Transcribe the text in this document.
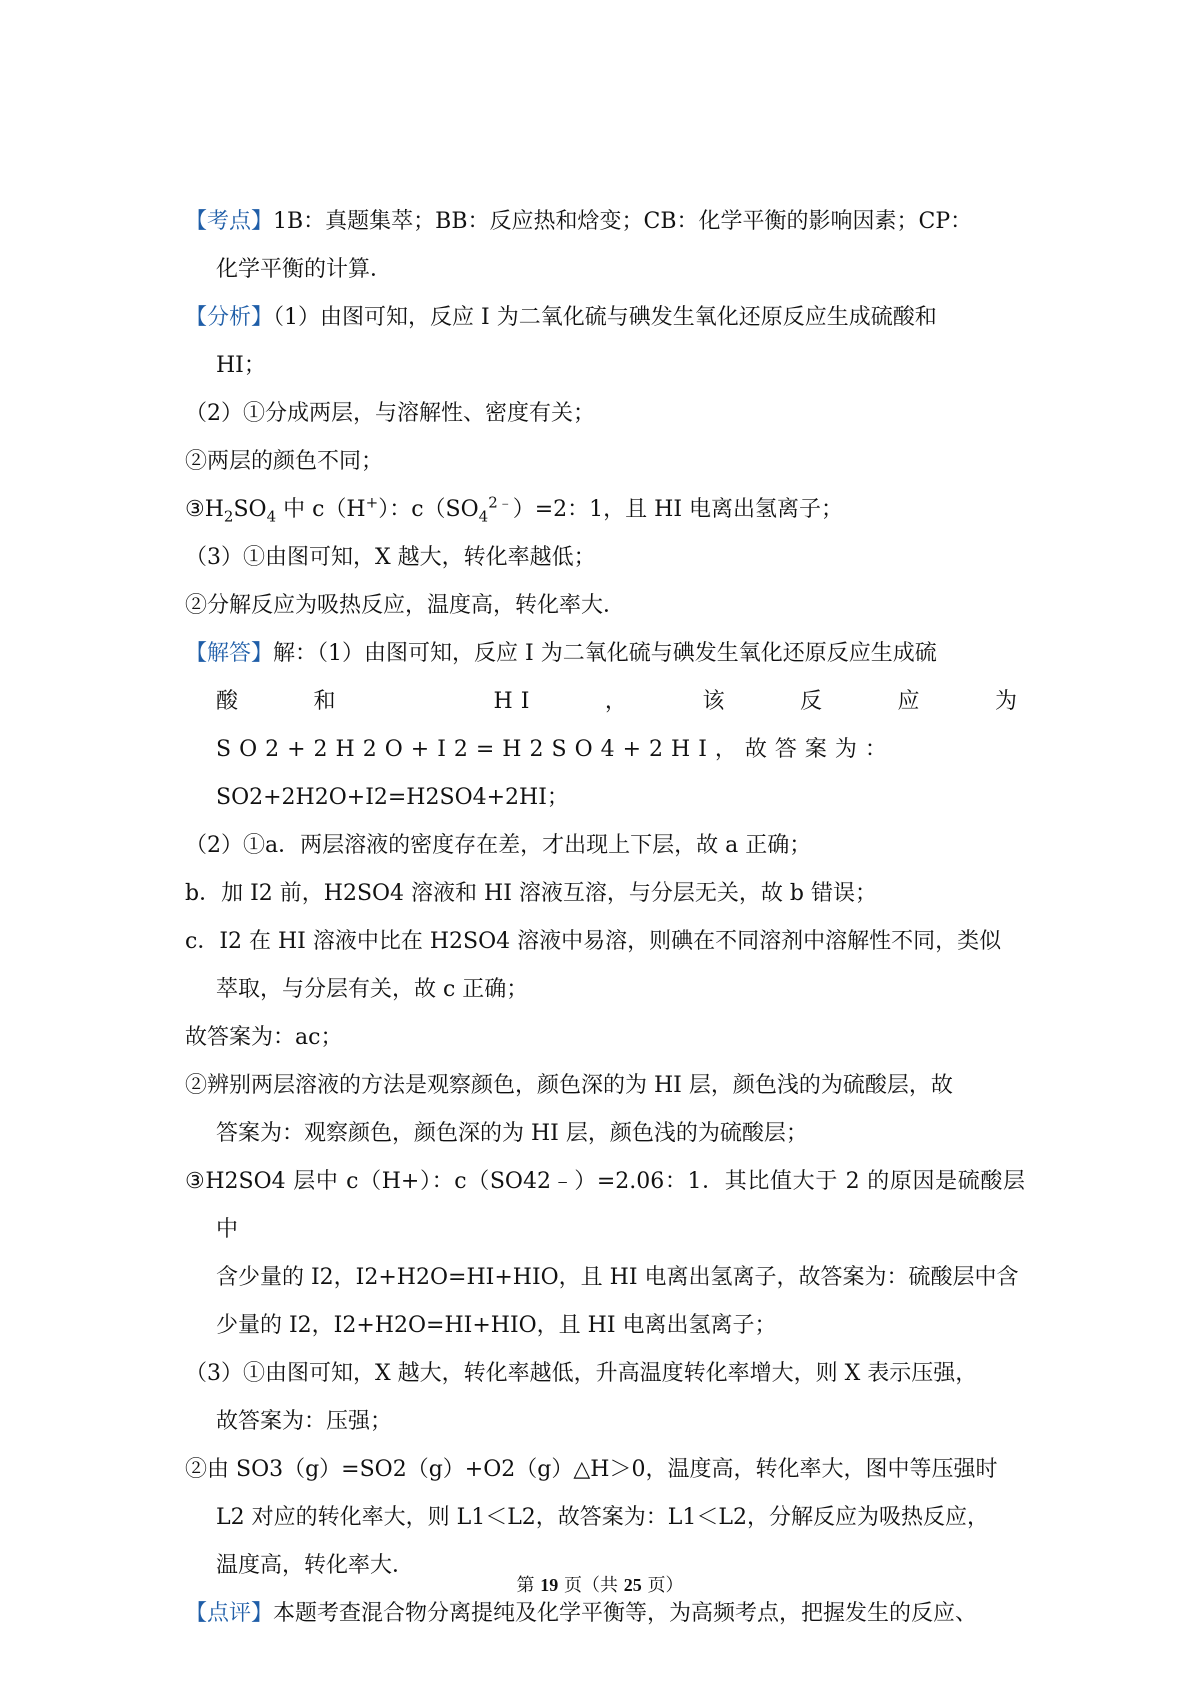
【考点】1B：真题集萃；BB：反应热和焓变；CB：化学平衡的影响因素；CP：
化学平衡的计算．

【分析】（1）由图可知，反应 I 为二氧化硫与碘发生氧化还原反应生成硫酸和
HI；

（2）①分成两层，与溶解性、密度有关；

②两层的颜色不同；

$③H_2SO_4$ 中 c（H+）：$c(SO_4^{2﹣})=2$：1，且 HI 电离出氢离子；

（3）①由图可知，X 越大，转化率越低；

②分解反应为吸热反应，温度高，转化率大．

【解答】解：（1）由图可知，反应 I 为二氧化硫与碘发生氧化还原反应生成硫
酸和 HI，该反应为 SO2+2H2O+I2=H2SO4+2HI，故答案为：
SO2+2H2O+I2=H2SO4+2HI；

（2）①a．两层溶液的密度存在差，才出现上下层，故 a 正确；

b．加 I2 前，H2SO4 溶液和 HI 溶液互溶，与分层无关，故 b 错误；

c．I2 在 HI 溶液中比在 H2SO4 溶液中易溶，则碘在不同溶剂中溶解性不同，类似
萃取，与分层有关，故 c 正确；

故答案为：ac；

②辨别两层溶液的方法是观察颜色，颜色深的为 HI 层，颜色浅的为硫酸层，故
答案为：观察颜色，颜色深的为 HI 层，颜色浅的为硫酸层；

③H2SO4 层中 c（H+）：c（SO42﹣）=2.06：1．其比值大于 2 的原因是硫酸层中
含少量的 I2，I2+H2O=HI+HIO，且 HI 电离出氢离子，故答案为：硫酸层中含
少量的 I2，I2+H2O=HI+HIO，且 HI 电离出氢离子；

（3）①由图可知，X 越大，转化率越低，升高温度转化率增大，则 X 表示压强，
故答案为：压强；

②由 SO3（g）=SO2（g）+O2（g）△H＞0，温度高，转化率大，图中等压强时
L2 对应的转化率大，则 L1＜L2，故答案为：L1＜L2，分解反应为吸热反应，
温度高，转化率大．

【点评】本题考查混合物分离提纯及化学平衡等，为高频考点，把握发生的反应、

第 19 页（共 25 页）
